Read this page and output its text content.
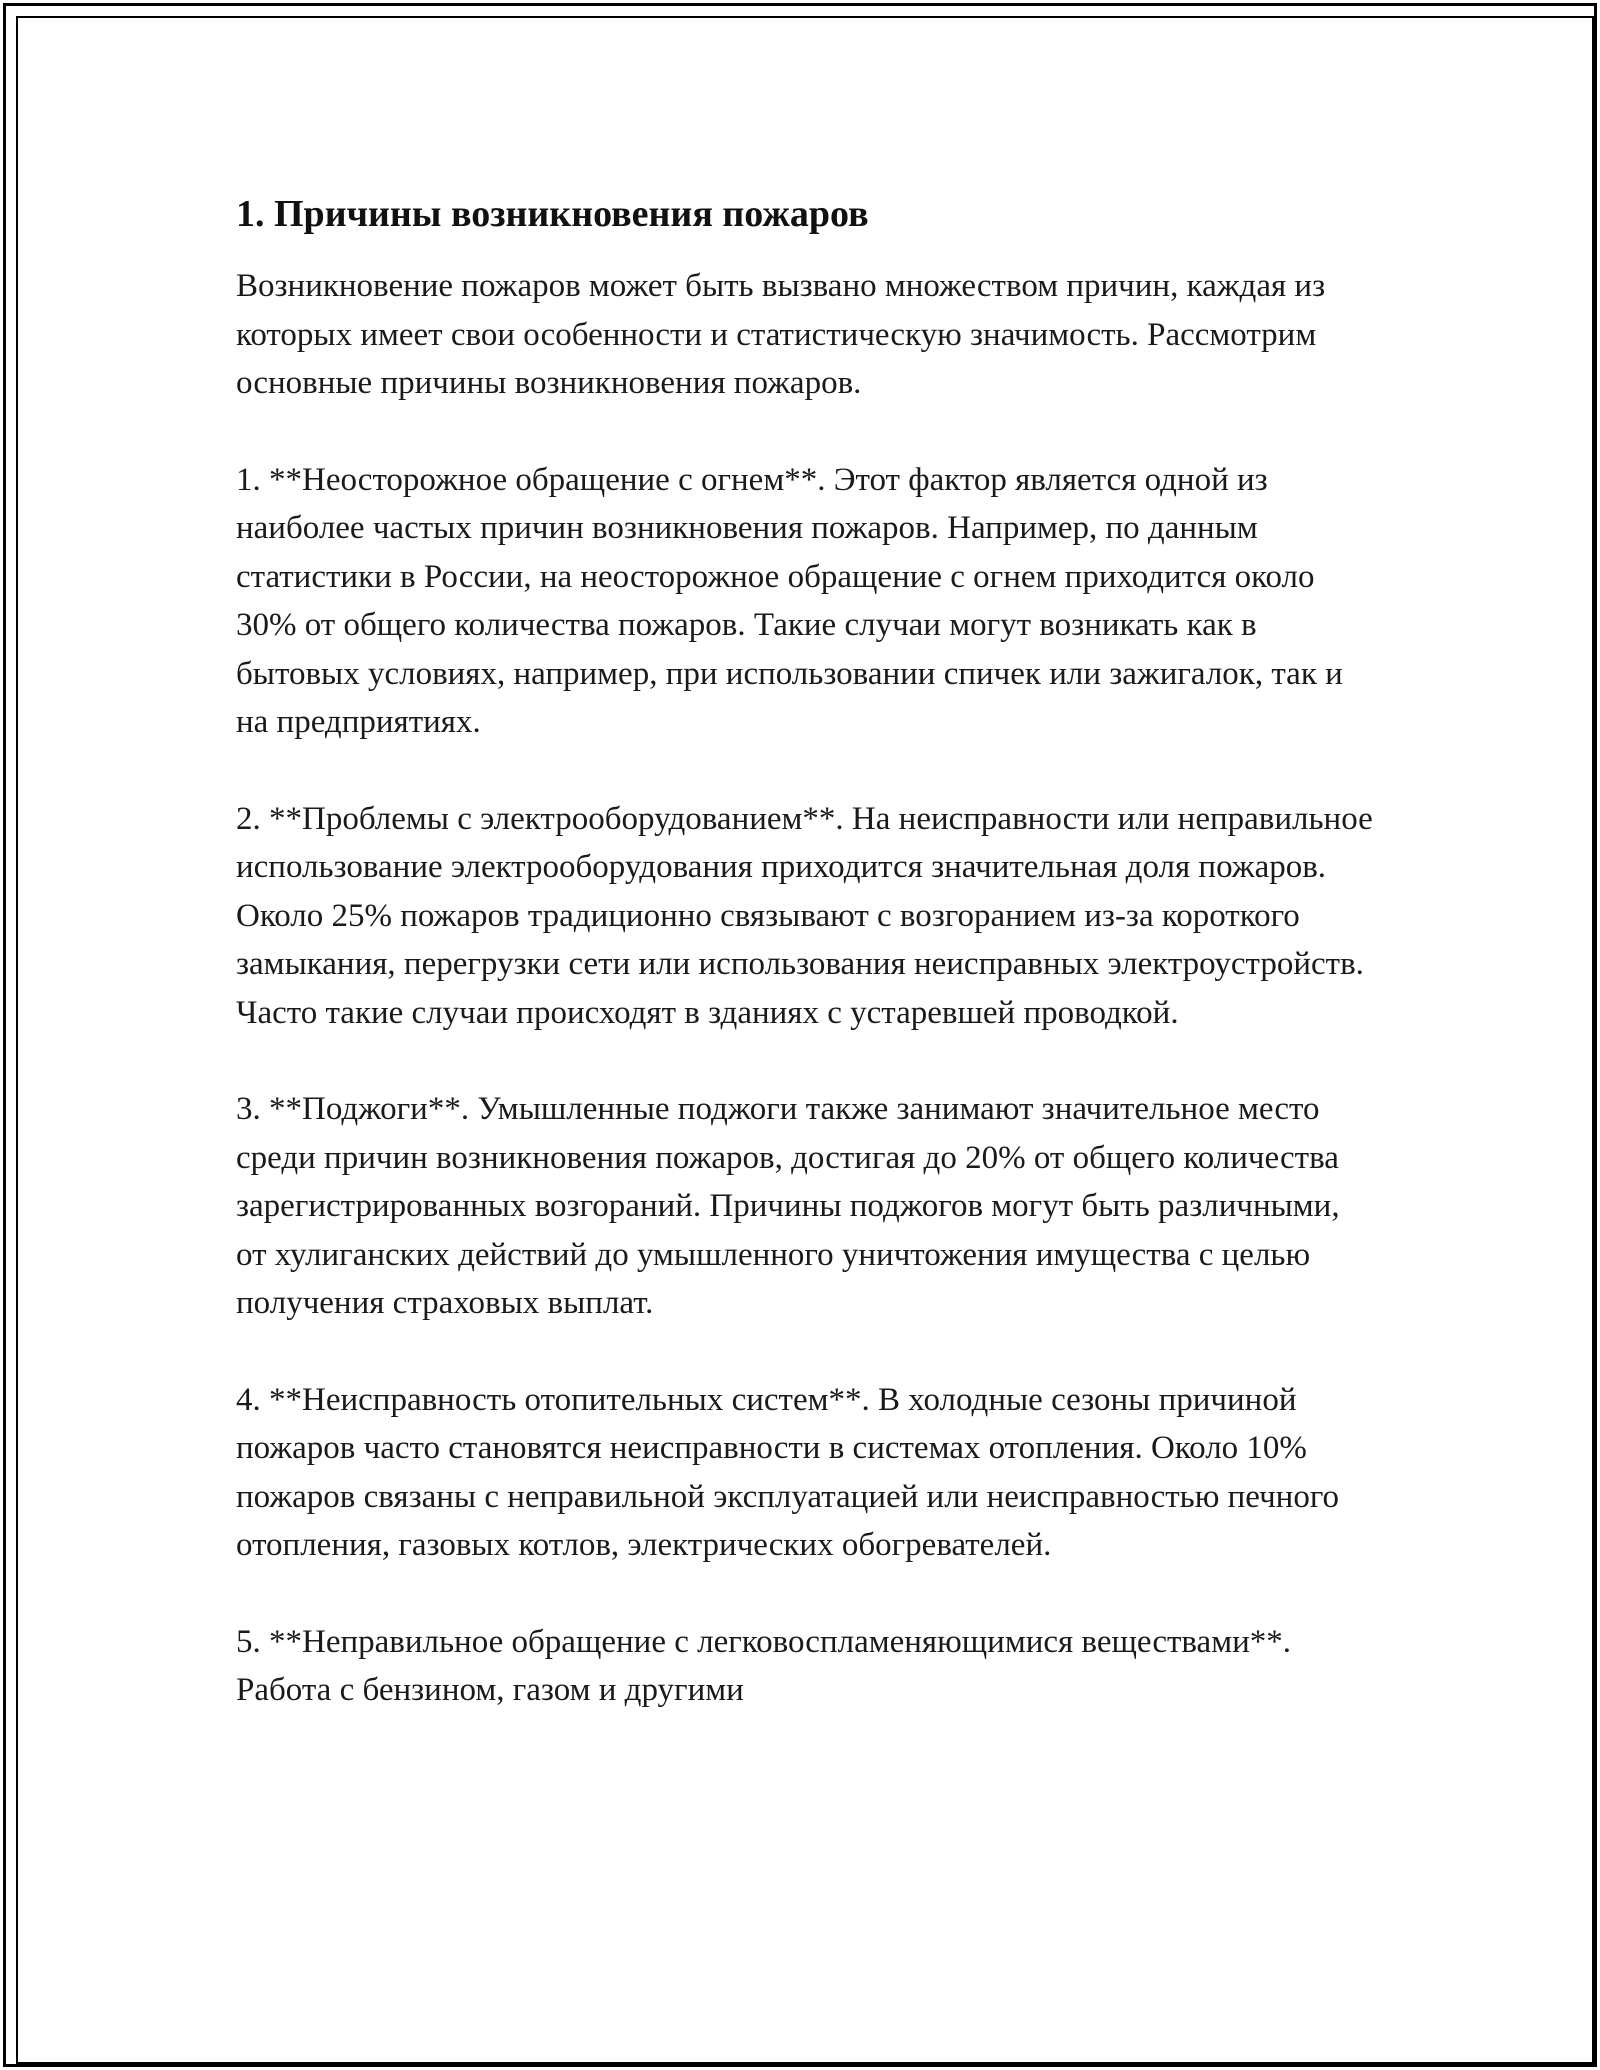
1. Причины возникновения пожаров
Возникновение пожаров может быть вызвано множеством причин, каждая из которых имеет свои особенности и статистическую значимость. Рассмотрим основные причины возникновения пожаров.
1. **Неосторожное обращение с огнем**. Этот фактор является одной из наиболее частых причин возникновения пожаров. Например, по данным статистики в России, на неосторожное обращение с огнем приходится около 30% от общего количества пожаров. Такие случаи могут возникать как в бытовых условиях, например, при использовании спичек или зажигалок, так и на предприятиях.
2. **Проблемы с электрооборудованием**. На неисправности или неправильное использование электрооборудования приходится значительная доля пожаров. Около 25% пожаров традиционно связывают с возгоранием из-за короткого замыкания, перегрузки сети или использования неисправных электроустройств. Часто такие случаи происходят в зданиях с устаревшей проводкой.
3. **Поджоги**. Умышленные поджоги также занимают значительное место среди причин возникновения пожаров, достигая до 20% от общего количества зарегистрированных возгораний. Причины поджогов могут быть различными, от хулиганских действий до умышленного уничтожения имущества с целью получения страховых выплат.
4. **Неисправность отопительных систем**. В холодные сезоны причиной пожаров часто становятся неисправности в системах отопления. Около 10% пожаров связаны с неправильной эксплуатацией или неисправностью печного отопления, газовых котлов, электрических обогревателей.
5. **Неправильное обращение с легковоспламеняющимися веществами**. Работа с бензином, газом и другими
